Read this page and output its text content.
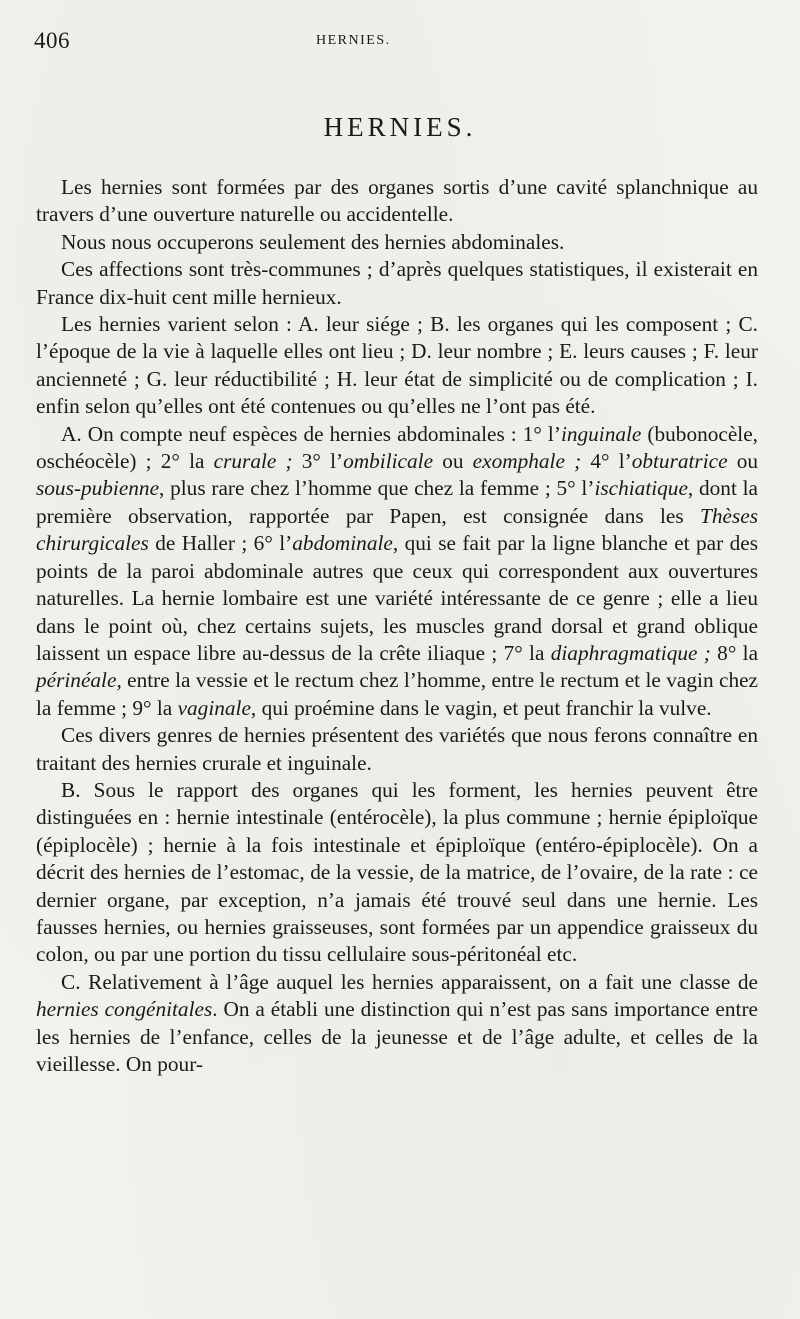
406	HERNIES.
HERNIES.

Les hernies sont formées par des organes sortis d’une cavité splanchnique au travers d’une ouverture naturelle ou accidentelle.

Nous nous occuperons seulement des hernies abdominales.

Ces affections sont très-communes ; d’après quelques statistiques, il existerait en France dix-huit cent mille hernieux.

Les hernies varient selon : A. leur siége ; B. les organes qui les composent ; C. l’époque de la vie à laquelle elles ont lieu ; D. leur nombre ; E. leurs causes ; F. leur ancienneté ; G. leur réductibilité ; H. leur état de simplicité ou de complication ; I. enfin selon qu’elles ont été contenues ou qu’elles ne l’ont pas été.

A. On compte neuf espèces de hernies abdominales : 1° l’inguinale (bubonocèle, oschéocèle) ; 2° la crurale ; 3° l’ombilicale ou exomphale ; 4° l’obturatrice ou sous-pubienne, plus rare chez l’homme que chez la femme ; 5° l’ischiatique, dont la première observation, rapportée par Papen, est consignée dans les Thèses chirurgicales de Haller ; 6° l’abdominale, qui se fait par la ligne blanche et par des points de la paroi abdominale autres que ceux qui correspondent aux ouvertures naturelles. La hernie lombaire est une variété intéressante de ce genre ; elle a lieu dans le point où, chez certains sujets, les muscles grand dorsal et grand oblique laissent un espace libre au-dessus de la crête iliaque ; 7° la diaphragmatique ; 8° la périnéale, entre la vessie et le rectum chez l’homme, entre le rectum et le vagin chez la femme ; 9° la vaginale, qui proémine dans le vagin, et peut franchir la vulve.

Ces divers genres de hernies présentent des variétés que nous ferons connaître en traitant des hernies crurale et inguinale.

B. Sous le rapport des organes qui les forment, les hernies peuvent être distinguées en : hernie intestinale (entérocèle), la plus commune ; hernie épiploïque (épiplocèle) ; hernie à la fois intestinale et épiploïque (entéro-épiplocèle). On a décrit des hernies de l’estomac, de la vessie, de la matrice, de l’ovaire, de la rate : ce dernier organe, par exception, n’a jamais été trouvé seul dans une hernie. Les fausses hernies, ou hernies graisseuses, sont formées par un appendice graisseux du colon, ou par une portion du tissu cellulaire sous-péritonéal etc.

C. Relativement à l’âge auquel les hernies apparaissent, on a fait une classe de hernies congénitales. On a établi une distinction qui n’est pas sans importance entre les hernies de l’enfance, celles de la jeunesse et de l’âge adulte, et celles de la vieillesse. On pour-
